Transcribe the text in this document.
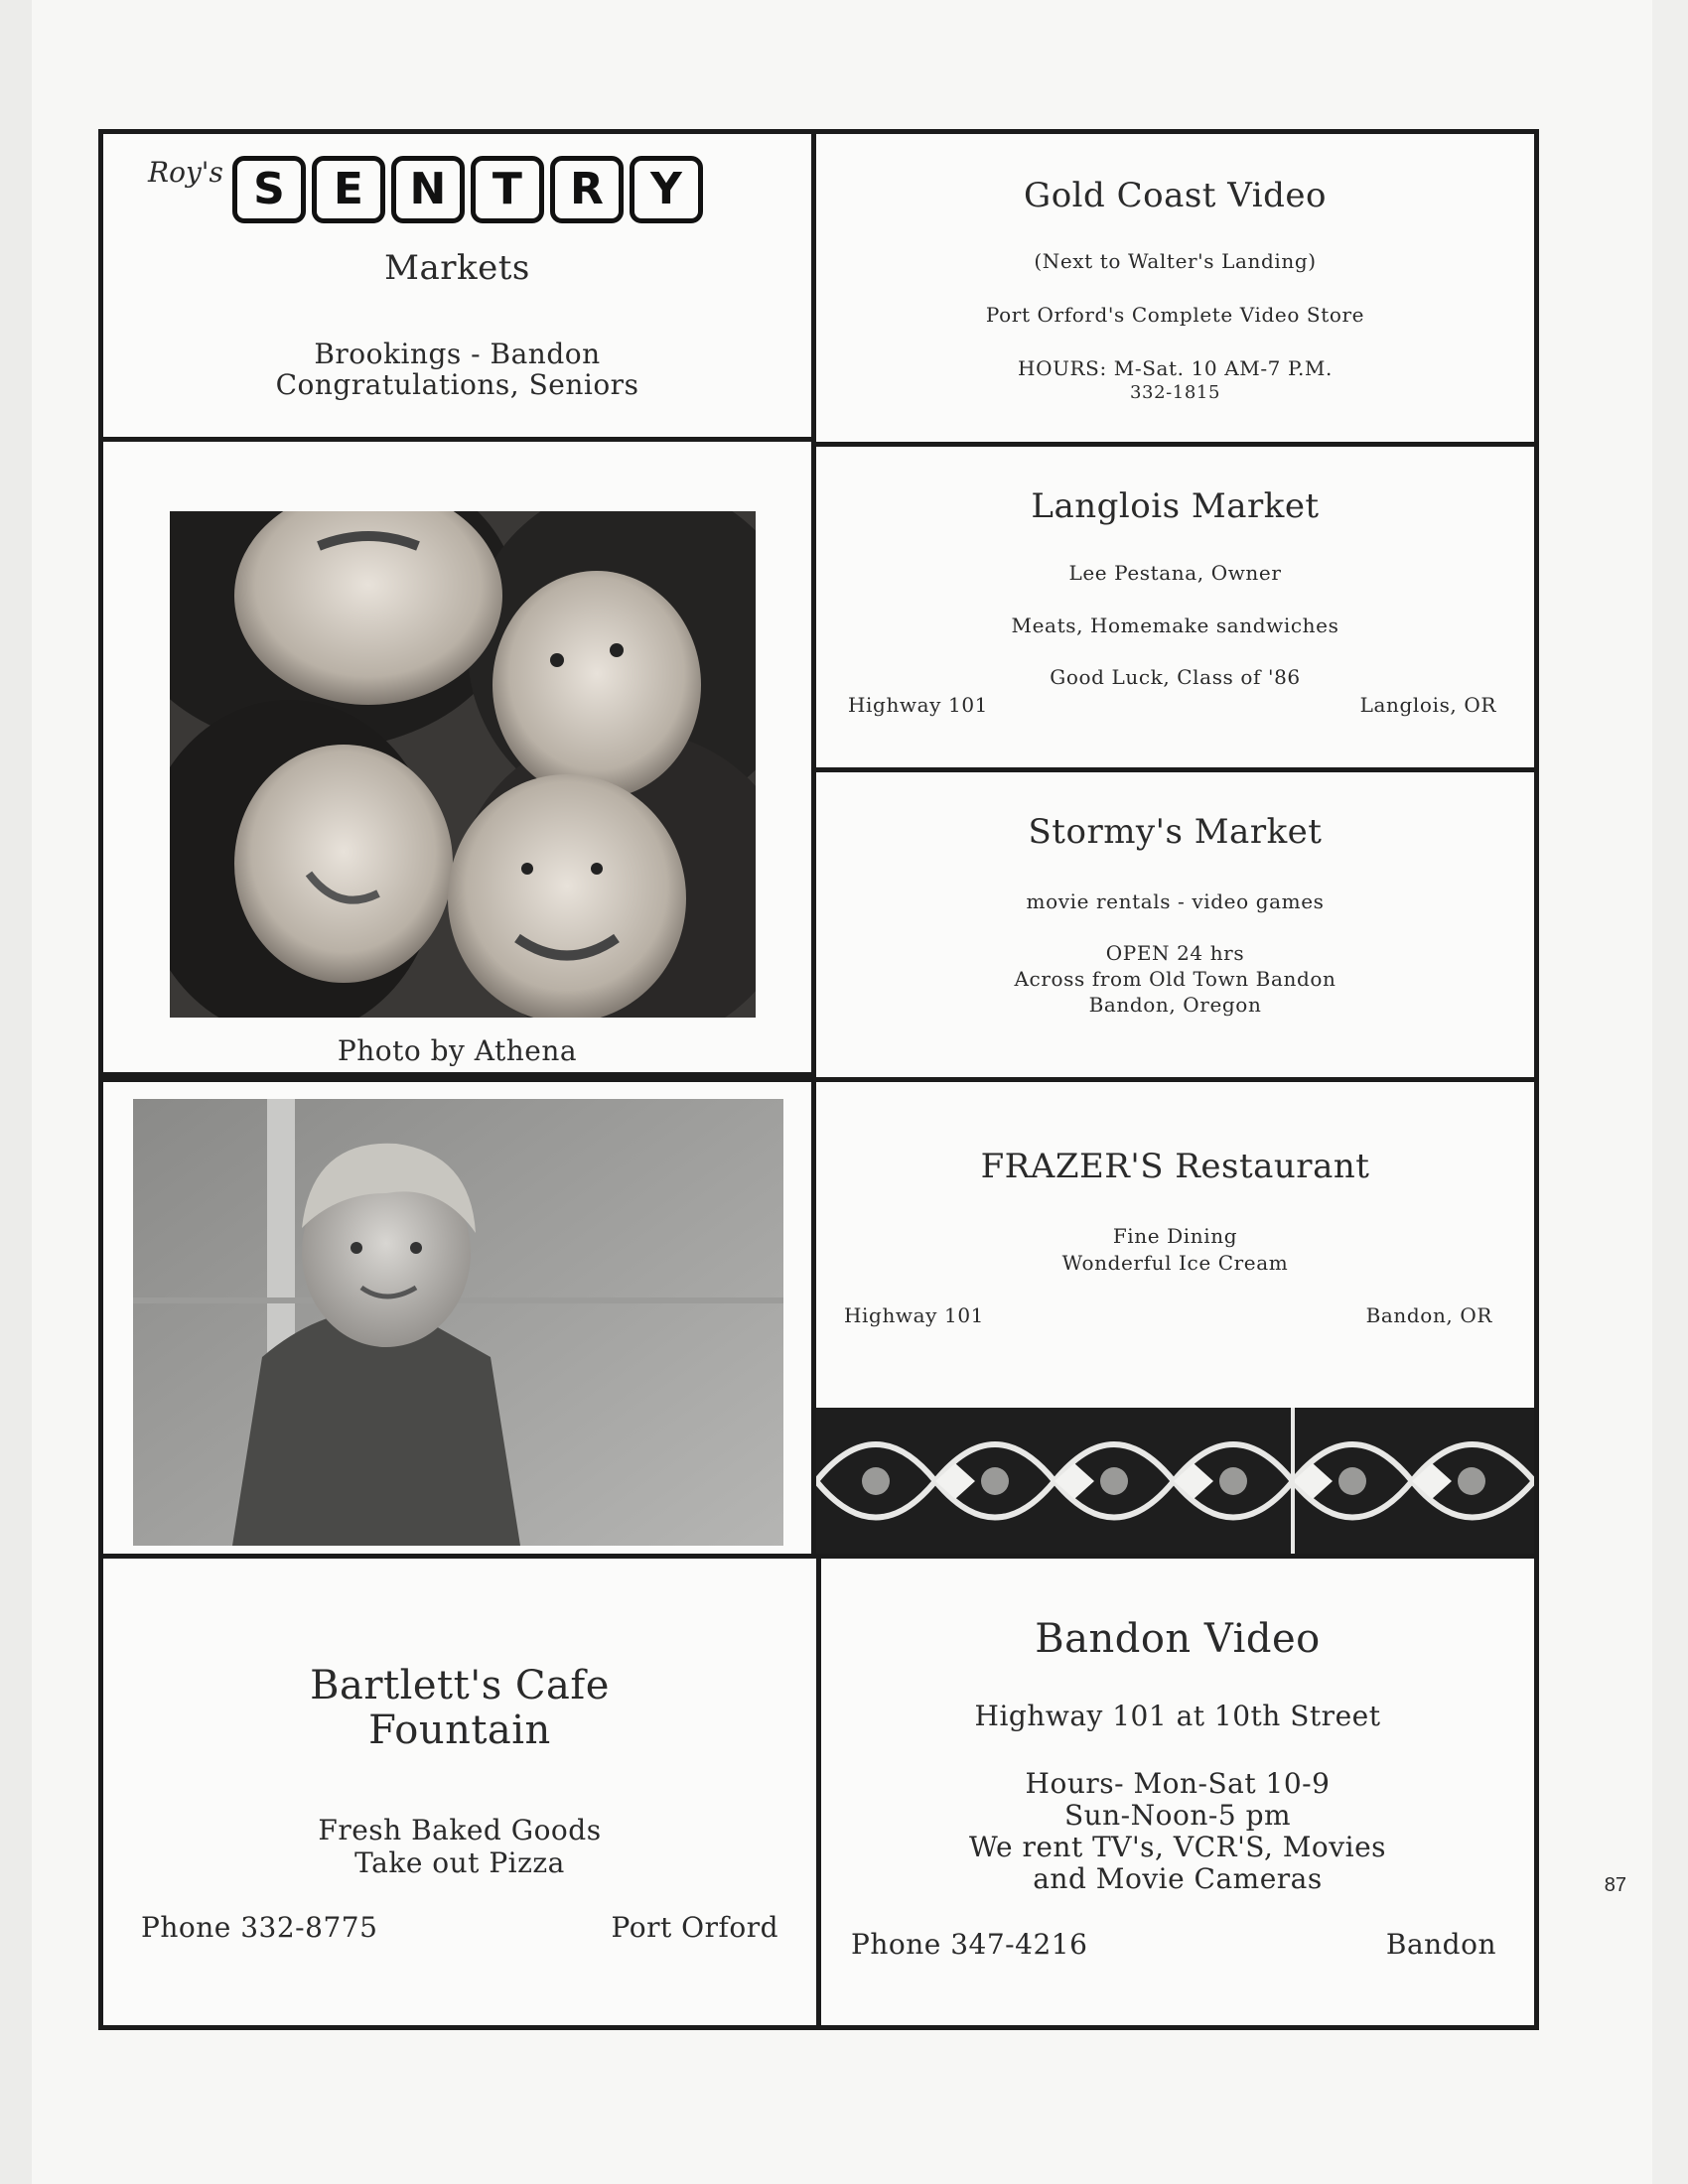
Roy's S E N T R Y
Markets
Brookings - Bandon
Congratulations, Seniors
Gold Coast Video
(Next to Walter's Landing)
Port Orford's Complete Video Store
HOURS: M-Sat. 10 AM-7 P.M.
332-1815
Photo by Athena
Langlois Market
Lee Pestana, Owner
Meats, Homemake sandwiches
Good Luck, Class of '86
Highway 101	Langlois, OR
Stormy's Market
movie rentals - video games
OPEN 24 hrs
Across from Old Town Bandon
Bandon, Oregon
FRAZER'S Restaurant
Fine Dining
Wonderful Ice Cream
Highway 101	Bandon, OR
Bartlett's Cafe
Fountain
Fresh Baked Goods
Take out Pizza
Phone 332-8775	Port Orford
Bandon Video
Highway 101 at 10th Street
Hours- Mon-Sat 10-9
Sun-Noon-5 pm
We rent TV's, VCR'S, Movies
and Movie Cameras
Phone 347-4216	Bandon
87
